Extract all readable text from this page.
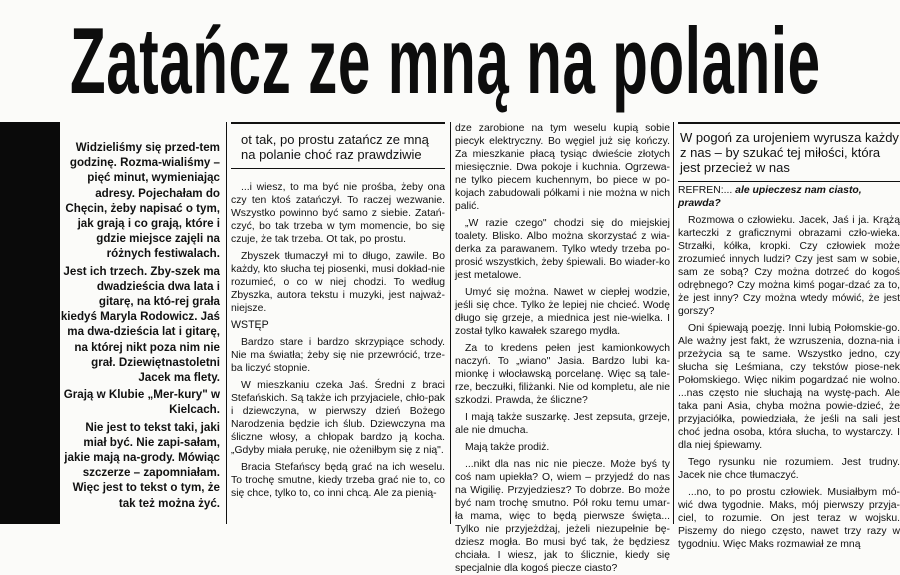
Zatańcz ze mną na polanie

Widzieliśmy się przed-tem godzinę. Rozma-wialiśmy – pięć minut, wymieniając adresy. Pojechałam do Chęcin, żeby napisać o tym, jak grają i co grają, które i gdzie miejsce zajęli na różnych festiwalach.

Jest ich trzech. Zby-szek ma dwadzieścia dwa lata i gitarę, na któ-rej grała kiedyś Maryla Rodowicz. Jaś ma dwa-dzieścia lat i gitarę, na której nikt poza nim nie grał. Dziewiętnastoletni Jacek ma flety.

Grają w Klubie „Mer-kury" w Kielcach.

Nie jest to tekst taki, jaki miał być. Nie zapi-sałam, jakie mają na-grody. Mówiąc szczerze – zapomniałam. Więc jest to tekst o tym, że tak też można żyć.

ot tak, po prostu zatańcz ze mną na polanie choć raz prawdziwie

...i wiesz, to ma być nie prośba, żeby ona czy ten ktoś zatańczył. To raczej wezwanie. Wszystko powinno być samo z siebie. Zatań-czyć, bo tak trzeba w tym momencie, bo się czuje, że tak trzeba. Ot tak, po prostu.

Zbyszek tłumaczył mi to długo, zawile. Bo każdy, kto słucha tej piosenki, musi dokład-nie rozumieć, o co w niej chodzi. To według Zbyszka, autora tekstu i muzyki, jest najważ-niejsze.

WSTĘP

Bardzo stare i bardzo skrzypiące schody. Nie ma światła; żeby się nie przewrócić, trze-ba liczyć stopnie.

W mieszkaniu czeka Jaś. Średni z braci Stefańskich. Są także ich przyjaciele, chło-pak i dziewczyna, w pierwszy dzień Bożego Narodzenia będzie ich ślub. Dziewczyna ma śliczne włosy, a chłopak bardzo ją kocha. „Gdyby miała perukę, nie ożeniłbym się z nią".

Bracia Stefańscy będą grać na ich weselu. To trochę smutne, kiedy trzeba grać nie to, co się chce, tylko to, co inni chcą. Ale za pienią-

dze zarobione na tym weselu kupią sobie piecyk elektryczny. Bo węgiel już się kończy. Za mieszkanie płacą tysiąc dwieście złotych miesięcznie. Dwa pokoje i kuchnia. Ogrzewa-ne tylko piecem kuchennym, bo piece w po-kojach zabudowali półkami i nie można w nich palić.

„W razie czego" chodzi się do miejskiej toalety. Blisko. Albo można skorzystać z wia-derka za parawanem. Tylko wtedy trzeba po-prosić wszystkich, żeby śpiewali. Bo wiader-ko jest metalowe.

Umyć się można. Nawet w ciepłej wodzie, jeśli się chce. Tylko że lepiej nie chcieć. Wodę długo się grzeje, a miednica jest nie-wielka. I został tylko kawałek szarego mydła.

Za to kredens pełen jest kamionkowych naczyń. To „wiano" Jasia. Bardzo lubi ka-mionkę i włocławską porcelanę. Więc są tale-rze, beczułki, filiżanki. Nie od kompletu, ale nie szkodzi. Prawda, że śliczne?

I mają także suszarkę. Jest zepsuta, grzeje, ale nie dmucha.

Mają także prodiż.

...nikt dla nas nic nie piecze. Może byś ty coś nam upiekła? O, wiem – przyjedź do nas na Wigilię. Przyjedziesz? To dobrze. Bo może być nam trochę smutno. Pół roku temu umar-ła mama, więc to będą pierwsze święta... Tylko nie przyjeżdżaj, jeżeli niezupełnie bę-dziesz mogła. Bo musi być tak, że będziesz chciała. I wiesz, jak to ślicznie, kiedy się specjalnie dla kogoś piecze ciasto?

W pogoń za urojeniem wyrusza każdy z nas – by szukać tej miłości, która jest przecież w nas
REFREN:... ale upieczesz nam ciasto, prawda?

Rozmowa o człowieku. Jacek, Jaś i ja. Krążą karteczki z graficznymi obrazami czło-wieka. Strzałki, kółka, kropki. Czy człowiek może zrozumieć innych ludzi? Czy jest sam w sobie, sam ze sobą? Czy można dotrzeć do kogoś odrębnego? Czy można kimś pogar-dzać za to, że jest inny? Czy można wtedy mówić, że jest gorszy?

Oni śpiewają poezję. Inni lubią Połomskie-go. Ale ważny jest fakt, że wzruszenia, dozna-nia i przeżycia są te same. Wszystko jedno, czy słucha się Leśmiana, czy tekstów piose-nek Połomskiego. Więc nikim pogardzać nie wolno. ...nas często nie słuchają na wystę-pach. Ale taka pani Asia, chyba można powie-dzieć, że przyjaciółka, powiedziała, że jeśli na sali jest choć jedna osoba, która słucha, to wystarczy. I dla niej śpiewamy.

Tego rysunku nie rozumiem. Jest trudny. Jacek nie chce tłumaczyć.

...no, to po prostu człowiek. Musiałbym mó-wić dwa tygodnie. Maks, mój pierwszy przyja-ciel, to rozumie. On jest teraz w wojsku. Piszemy do niego często, nawet trzy razy w tygodniu. Więc Maks rozmawiał ze mną
